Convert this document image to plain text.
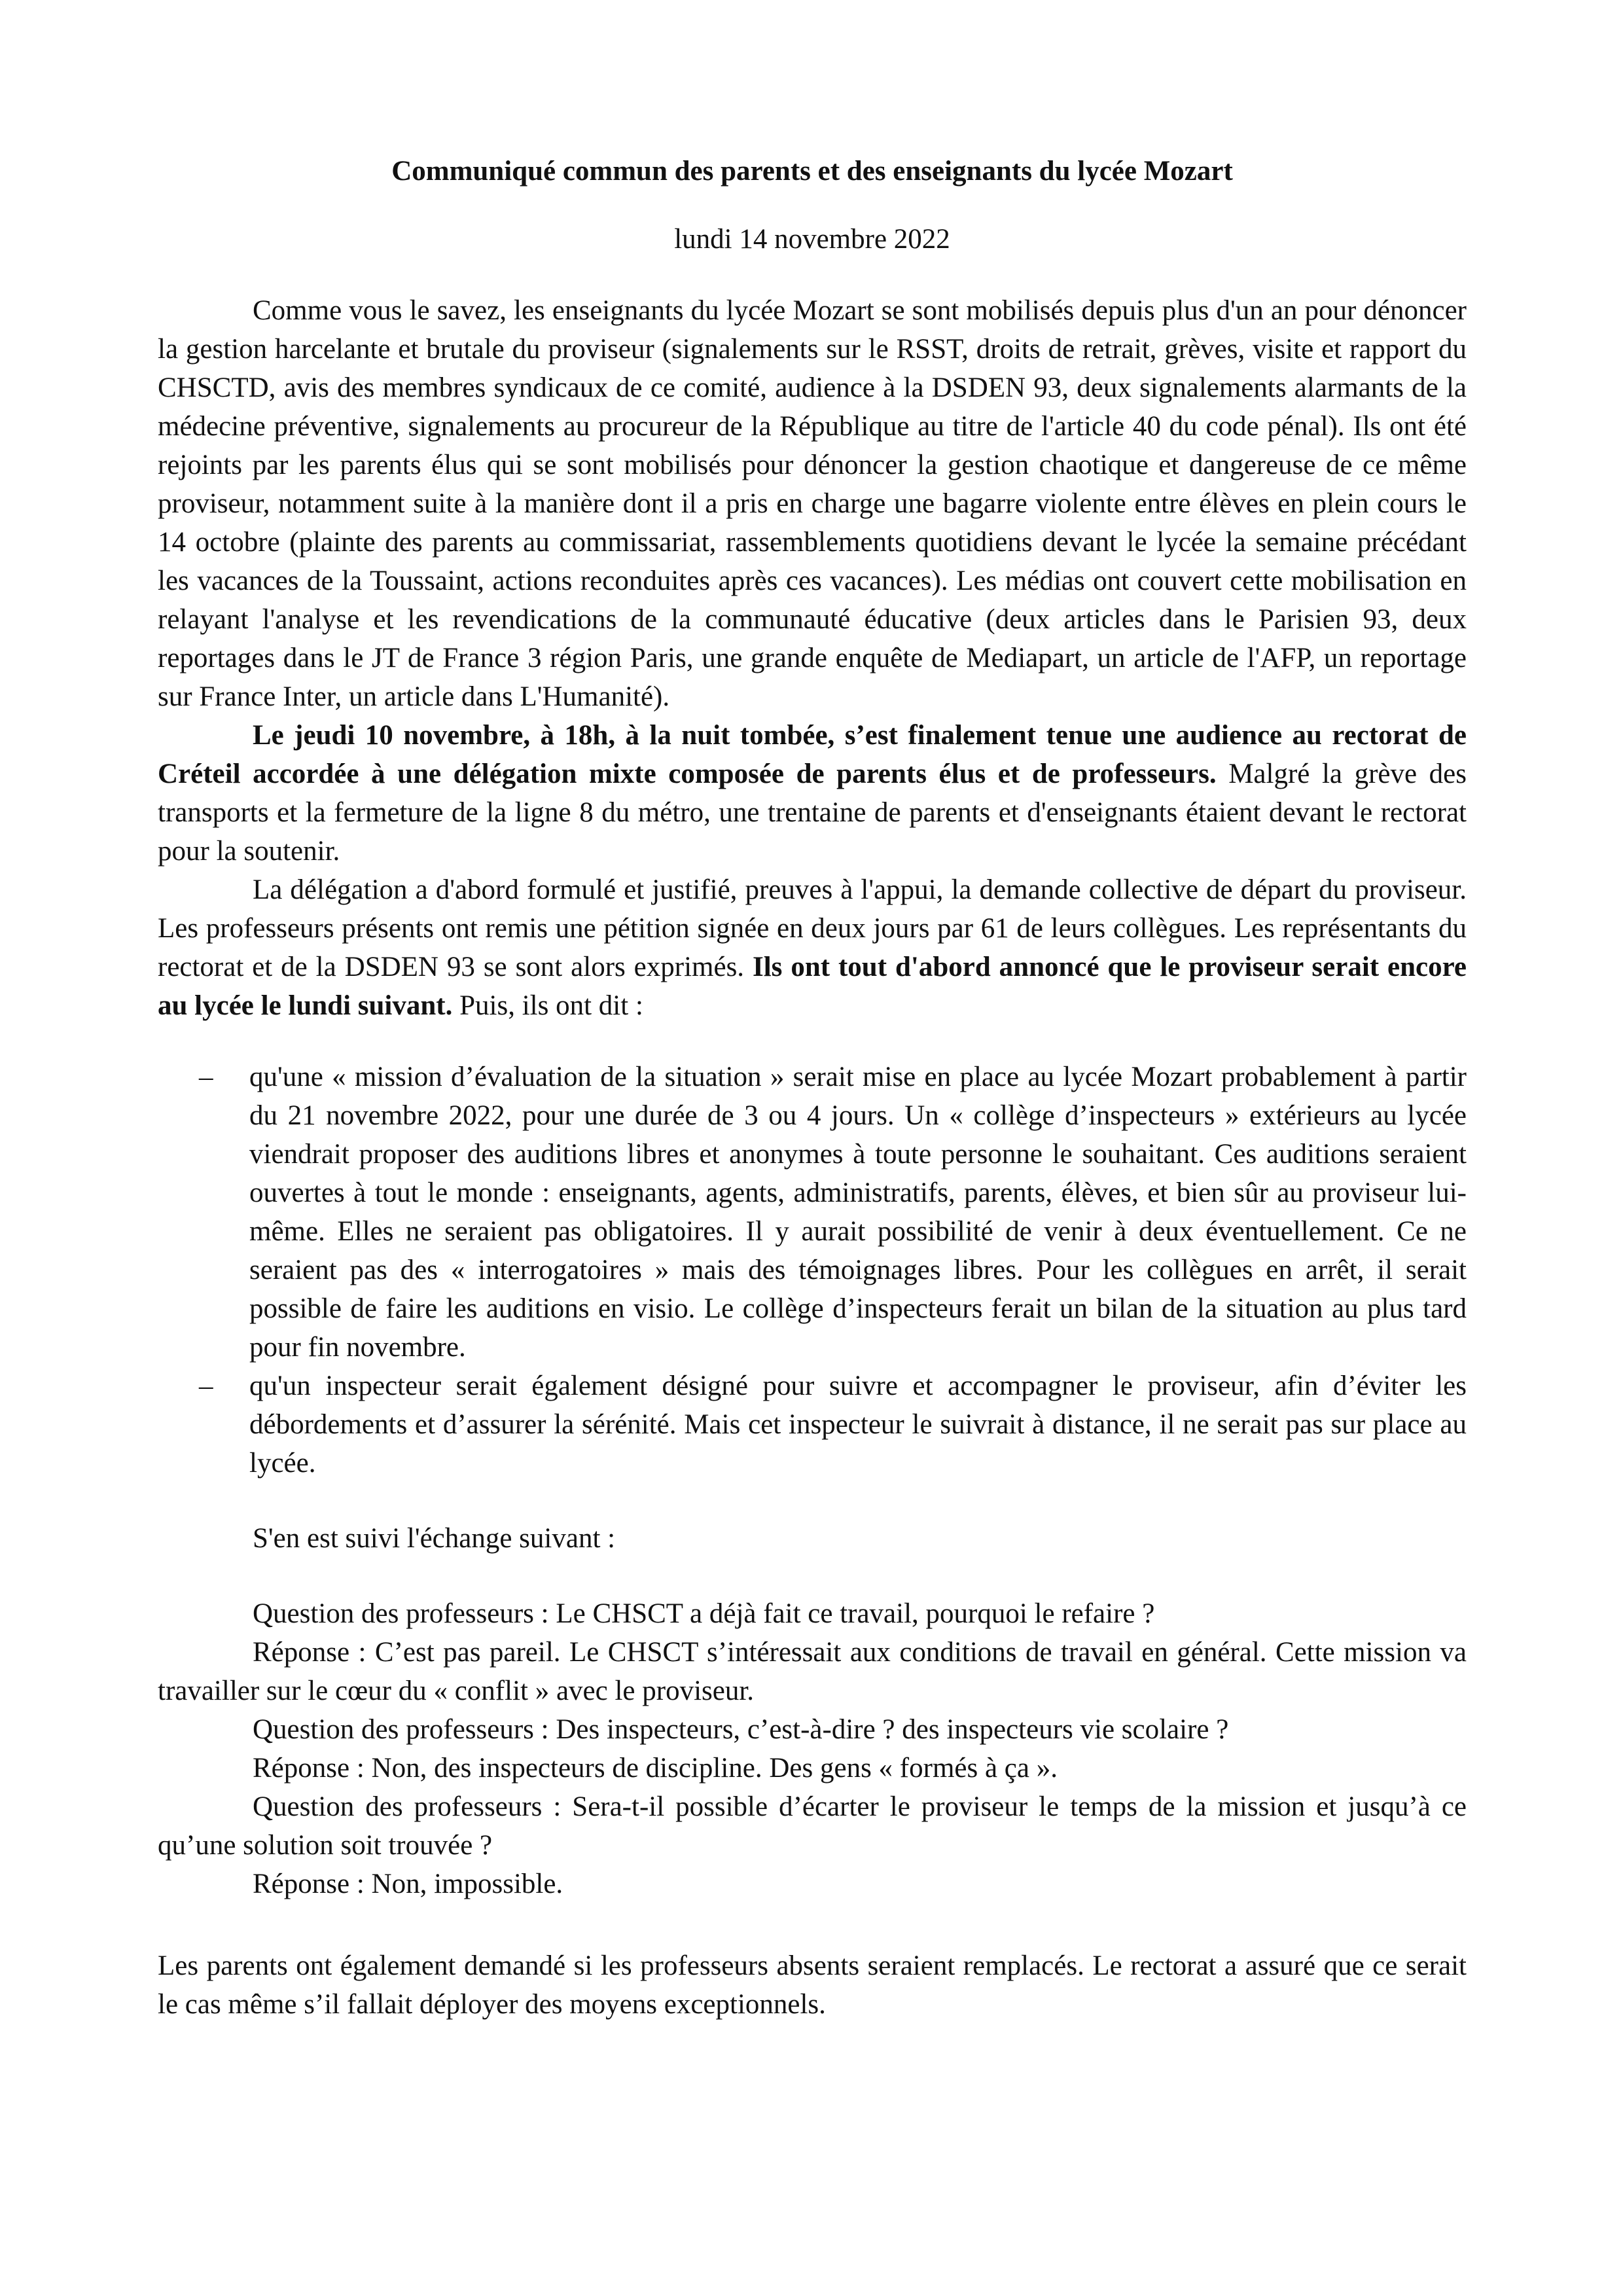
Communiqué commun des parents et des enseignants du lycée Mozart

lundi 14 novembre 2022

Comme vous le savez, les enseignants du lycée Mozart se sont mobilisés depuis plus d'un an pour dénoncer la gestion harcelante et brutale du proviseur (signalements sur le RSST, droits de retrait, grèves, visite et rapport du CHSCTD, avis des membres syndicaux de ce comité, audience à la DSDEN 93, deux signalements alarmants de la médecine préventive, signalements au procureur de la République au titre de l'article 40 du code pénal). Ils ont été rejoints par les parents élus qui se sont mobilisés pour dénoncer la gestion chaotique et dangereuse de ce même proviseur, notamment suite à la manière dont il a pris en charge une bagarre violente entre élèves en plein cours le 14 octobre (plainte des parents au commissariat, rassemblements quotidiens devant le lycée la semaine précédant les vacances de la Toussaint, actions reconduites après ces vacances). Les médias ont couvert cette mobilisation en relayant l'analyse et les revendications de la communauté éducative (deux articles dans le Parisien 93, deux reportages dans le JT de France 3 région Paris, une grande enquête de Mediapart, un article de l'AFP, un reportage sur France Inter, un article dans L'Humanité).

Le jeudi 10 novembre, à 18h, à la nuit tombée, s’est finalement tenue une audience au rectorat de Créteil accordée à une délégation mixte composée de parents élus et de professeurs. Malgré la grève des transports et la fermeture de la ligne 8 du métro, une trentaine de parents et d'enseignants étaient devant le rectorat pour la soutenir.

La délégation a d'abord formulé et justifié, preuves à l'appui, la demande collective de départ du proviseur. Les professeurs présents ont remis une pétition signée en deux jours par 61 de leurs collègues. Les représentants du rectorat et de la DSDEN 93 se sont alors exprimés. Ils ont tout d'abord annoncé que le proviseur serait encore au lycée le lundi suivant. Puis, ils ont dit :

– qu'une « mission d’évaluation de la situation » serait mise en place au lycée Mozart probablement à partir du 21 novembre 2022, pour une durée de 3 ou 4 jours. Un « collège d’inspecteurs » extérieurs au lycée viendrait proposer des auditions libres et anonymes à toute personne le souhaitant. Ces auditions seraient ouvertes à tout le monde : enseignants, agents, administratifs, parents, élèves, et bien sûr au proviseur lui-même. Elles ne seraient pas obligatoires. Il y aurait possibilité de venir à deux éventuellement. Ce ne seraient pas des « interrogatoires » mais des témoignages libres. Pour les collègues en arrêt, il serait possible de faire les auditions en visio. Le collège d’inspecteurs ferait un bilan de la situation au plus tard pour fin novembre.
– qu'un inspecteur serait également désigné pour suivre et accompagner le proviseur, afin d’éviter les débordements et d’assurer la sérénité. Mais cet inspecteur le suivrait à distance, il ne serait pas sur place au lycée.

S'en est suivi l'échange suivant :

Question des professeurs : Le CHSCT a déjà fait ce travail, pourquoi le refaire ?

Réponse : C’est pas pareil. Le CHSCT s’intéressait aux conditions de travail en général. Cette mission va travailler sur le cœur du « conflit » avec le proviseur.

Question des professeurs : Des inspecteurs, c’est-à-dire ? des inspecteurs vie scolaire ?

Réponse : Non, des inspecteurs de discipline. Des gens « formés à ça ».

Question des professeurs : Sera-t-il possible d’écarter le proviseur le temps de la mission et jusqu’à ce qu’une solution soit trouvée ?

Réponse : Non, impossible.

Les parents ont également demandé si les professeurs absents seraient remplacés. Le rectorat a assuré que ce serait le cas même s’il fallait déployer des moyens exceptionnels.
